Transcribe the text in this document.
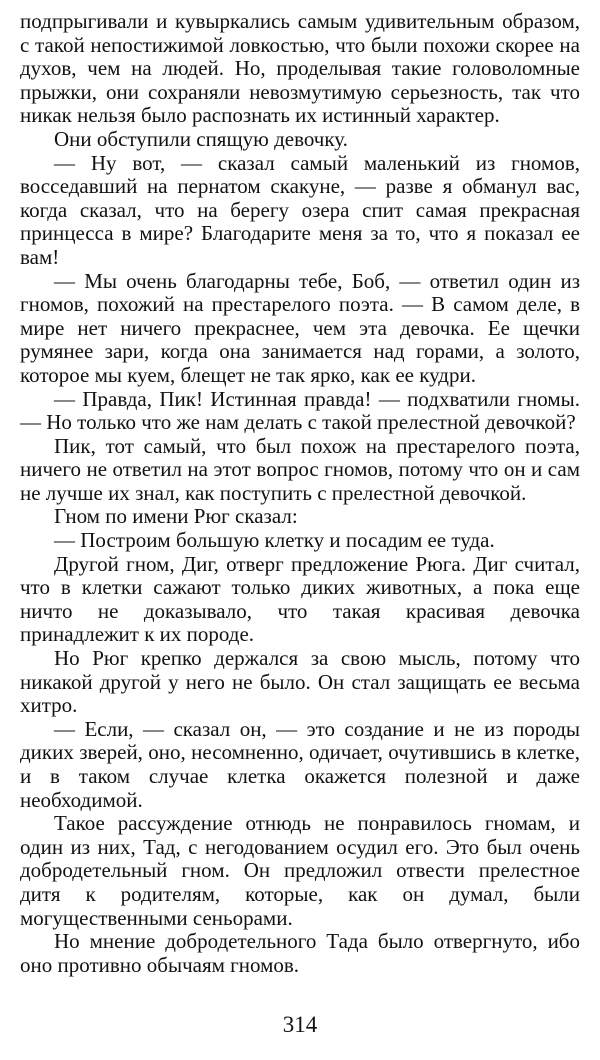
подпрыгивали и кувыркались самым удивительным образом, с такой непостижимой ловкостью, что были похожи скорее на духов, чем на людей. Но, проделывая такие головоломные прыжки, они сохраняли невозмутимую серьезность, так что никак нельзя было распознать их истинный характер.

Они обступили спящую девочку.

— Ну вот, — сказал самый маленький из гномов, восседавший на пернатом скакуне, — разве я обманул вас, когда сказал, что на берегу озера спит самая прекрасная принцесса в мире? Благодарите меня за то, что я показал ее вам!

— Мы очень благодарны тебе, Боб, — ответил один из гномов, похожий на престарелого поэта. — В самом деле, в мире нет ничего прекраснее, чем эта девочка. Ее щечки румянее зари, когда она занимается над горами, а золото, которое мы куем, блещет не так ярко, как ее кудри.

— Правда, Пик! Истинная правда! — подхватили гномы. — Но только что же нам делать с такой прелестной девочкой?

Пик, тот самый, что был похож на престарелого поэта, ничего не ответил на этот вопрос гномов, потому что он и сам не лучше их знал, как поступить с прелестной девочкой.

Гном по имени Рюг сказал:

— Построим большую клетку и посадим ее туда.

Другой гном, Диг, отверг предложение Рюга. Диг считал, что в клетки сажают только диких животных, а пока еще ничто не доказывало, что такая красивая девочка принадлежит к их породе.

Но Рюг крепко держался за свою мысль, потому что никакой другой у него не было. Он стал защищать ее весьма хитро.

— Если, — сказал он, — это создание и не из породы диких зверей, оно, несомненно, одичает, очутившись в клетке, и в таком случае клетка окажется полезной и даже необходимой.

Такое рассуждение отнюдь не понравилось гномам, и один из них, Тад, с негодованием осудил его. Это был очень добродетельный гном. Он предложил отвести прелестное дитя к родителям, которые, как он думал, были могущественными сеньорами.

Но мнение добродетельного Тада было отвергнуто, ибо оно противно обычаям гномов.

314
